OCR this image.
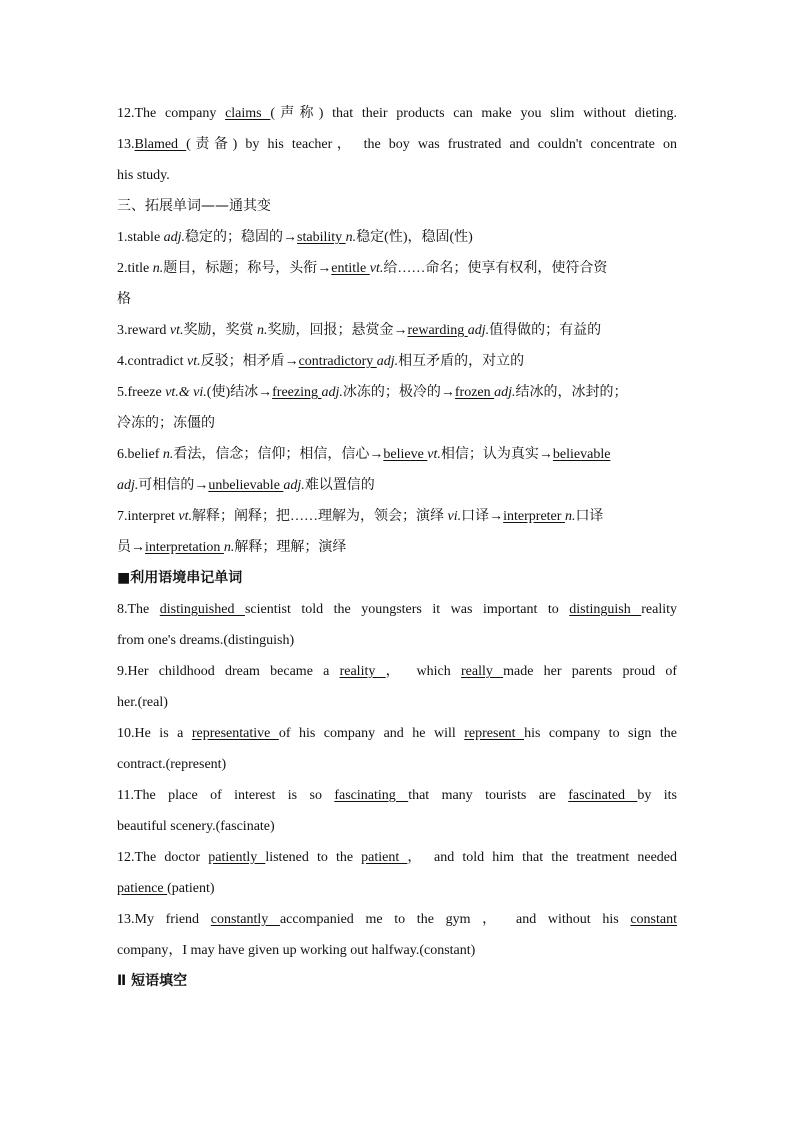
12.The company claims (声称) that their products can make you slim without dieting.
13.Blamed (责备) by his teacher， the boy was frustrated and couldn't concentrate on
his study.
三、拓展单词——通其变
1.stable adj.稳定的；稳固的→stability n.稳定(性)，稳固(性)
2.title n.题目，标题；称号，头衔→entitle vt.给……命名；使享有权利，使符合资
格
3.reward vt.奖励，奖赏 n.奖励，回报；悬赏金→rewarding adj.值得做的；有益的
4.contradict vt.反驳；相矛盾→contradictory adj.相互矛盾的，对立的
5.freeze vt.& vi.(使)结冰→freezing adj.冰冻的；极冷的→frozen adj.结冰的，冰封的；
冷冻的；冻僵的
6.belief n.看法，信念；信仰；相信，信心→believe vt.相信；认为真实→believable
adj.可相信的→unbelievable adj.难以置信的
7.interpret vt.解释；阐释；把……理解为，领会；演绎 vi.口译→interpreter n.口译
员→interpretation n.解释；理解；演绎
■利用语境串记单词
8.The distinguished scientist told the youngsters it was important to distinguish reality
from one's dreams.(distinguish)
9.Her childhood dream became a reality ， which really made her parents proud of
her.(real)
10.He is a representative of his company and he will represent his company to sign the
contract.(represent)
11.The place of interest is so fascinating that many tourists are fascinated by its
beautiful scenery.(fascinate)
12.The doctor patiently listened to the patient ， and told him that the treatment needed
patience (patient)
13.My friend constantly accompanied me to the gym ， and without his constant
company，I may have given up working out halfway.(constant)
Ⅱ 短语填空
